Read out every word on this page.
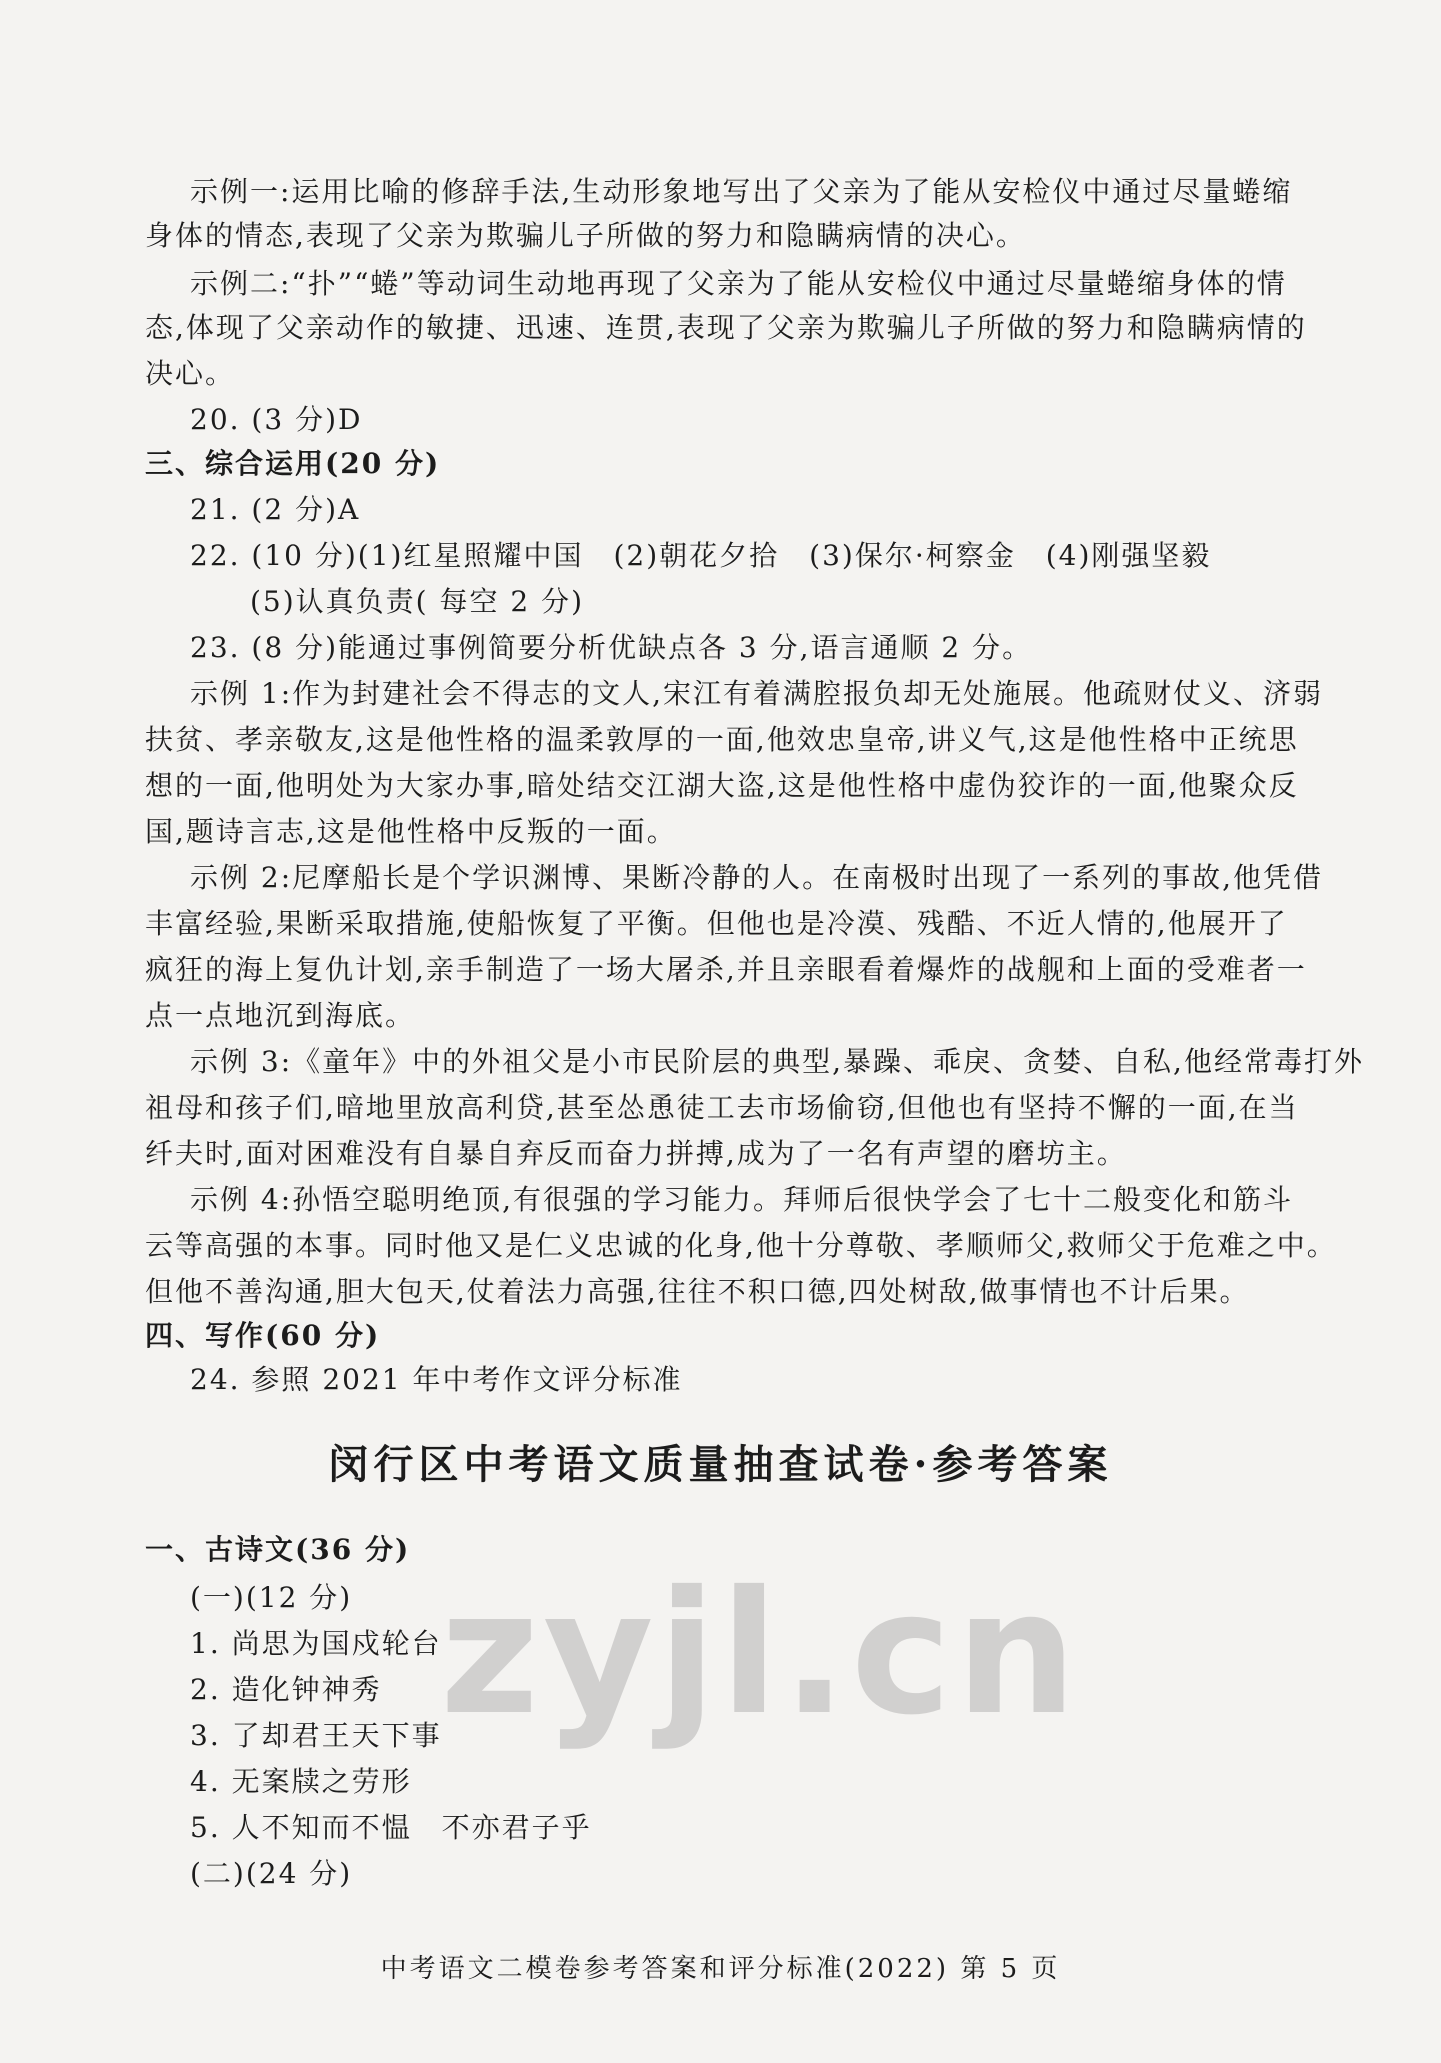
示例一:运用比喻的修辞手法,生动形象地写出了父亲为了能从安检仪中通过尽量蜷缩
身体的情态,表现了父亲为欺骗儿子所做的努力和隐瞒病情的决心。
示例二:“扑”“蜷”等动词生动地再现了父亲为了能从安检仪中通过尽量蜷缩身体的情
态,体现了父亲动作的敏捷、迅速、连贯,表现了父亲为欺骗儿子所做的努力和隐瞒病情的
决心。
20. (3 分)D
三、综合运用(20 分)
21. (2 分)A
22. (10 分)(1)红星照耀中国 (2)朝花夕拾 (3)保尔·柯察金 (4)刚强坚毅
(5)认真负责( 每空 2 分)
23. (8 分)能通过事例简要分析优缺点各 3 分,语言通顺 2 分。
示例 1:作为封建社会不得志的文人,宋江有着满腔报负却无处施展。他疏财仗义、济弱
扶贫、孝亲敬友,这是他性格的温柔敦厚的一面,他效忠皇帝,讲义气,这是他性格中正统思
想的一面,他明处为大家办事,暗处结交江湖大盗,这是他性格中虚伪狡诈的一面,他聚众反
国,题诗言志,这是他性格中反叛的一面。
示例 2:尼摩船长是个学识渊博、果断冷静的人。在南极时出现了一系列的事故,他凭借
丰富经验,果断采取措施,使船恢复了平衡。但他也是冷漠、残酷、不近人情的,他展开了
疯狂的海上复仇计划,亲手制造了一场大屠杀,并且亲眼看着爆炸的战舰和上面的受难者一
点一点地沉到海底。
示例 3:《童年》中的外祖父是小市民阶层的典型,暴躁、乖戾、贪婪、自私,他经常毒打外
祖母和孩子们,暗地里放高利贷,甚至怂恿徒工去市场偷窃,但他也有坚持不懈的一面,在当
纤夫时,面对困难没有自暴自弃反而奋力拼搏,成为了一名有声望的磨坊主。
示例 4:孙悟空聪明绝顶,有很强的学习能力。拜师后很快学会了七十二般变化和筋斗
云等高强的本事。同时他又是仁义忠诚的化身,他十分尊敬、孝顺师父,救师父于危难之中。
但他不善沟通,胆大包天,仗着法力高强,往往不积口德,四处树敌,做事情也不计后果。
四、写作(60 分)
24. 参照 2021 年中考作文评分标准
闵行区中考语文质量抽查试卷·参考答案
一、古诗文(36 分)
(一)(12 分)
1. 尚思为国戍轮台
2. 造化钟神秀
3. 了却君王天下事
4. 无案牍之劳形
5. 人不知而不愠 不亦君子乎
(二)(24 分)
zyjl.cn
中考语文二模卷参考答案和评分标准(2022) 第 5 页
